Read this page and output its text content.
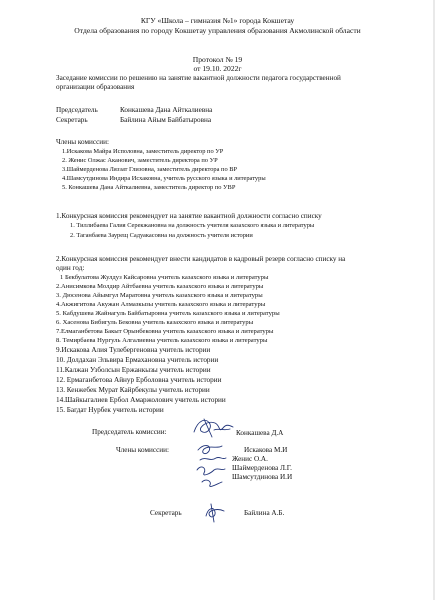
КГУ «Школа – гимназия №1» города Кокшетау
Отдела образования по городу Кокшетау управления образования Акмолинской области
Протокол № 19
от 19.10. 2022г
Заседание комиссии по решению на занятие вакантной должности педагога государственной
организации образования
Председатель	Конкашева Дана Айткалиевна
Секретарь	Байлина Айым Байбатыровна
Члены комиссии:
1.Искакова Майра Исполовна, заместитель директор по УР
2. Женис Олжас Аканович, заместитель директора по УР
3.Шаймерденова Ляззат Глизовна, заместитель директора по ВР
4.Шамсутдинова Индира Исхаковна, учитель русского языка и литературы
5. Конкашева Дана Айткалиевна, заместитель директор по УВР
1.Конкурсная комиссия рекомендует на занятие вакантной должности согласно списку
1. Тиллибаева Галия Серекжановна на должность учителя казахского языка и литературы
2. Таганбаева Заурещ Садуакасовна на должность учителя истории
2.Конкурсная комиссия рекомендует внести кандидатов в кадровый резерв согласно списку на
один год:
1 Бекбулатова Жулдуз Кайсаровна учитель казахского языка и литературы
2.Анисимкова Молдир Айтбаевна учитель казахского языка и литературы
3. Дюсенова Айымгул Маратовна учитель казахского языка и литературы
4.Акжигитова Акужан Алмазкызы учитель казахского языка и литературы
5. Кабдушева Жайнагуль Байбатыровна учитель казахского языка и литературы
6. Хасенова Бибигуль Бековна учитель казахского языка и литературы
7.Елмаганбетова Бакыт Орынбековна учитель казахского языка и литературы
8. Темирбаева Нургуль Алгалиевна учитель казахского языка и литературы
9.Искакова Алия Тулебергеновна учитель истории
10. Долдахан Эльвира Ермахановна учитель истории
11.Калжан Узболсын Ержанкызы учитель истории
12. Ермаганбетова Айнур Ерболовна учитель истории
13. Кенжебек Мурат Кайрбекулы учитель истории
14.Шайкыгалиев Ербол Амаржолович учитель истории
15. Багдат Нурбек учитель истории
Председатель комиссии:	Конкашева Д.А
Члены комиссии:	Искакова М.И
Женис О.А.
Шаймерденова Л.Г.
Шамсутдинова И.И
Секретарь	Байлина А.Б.
